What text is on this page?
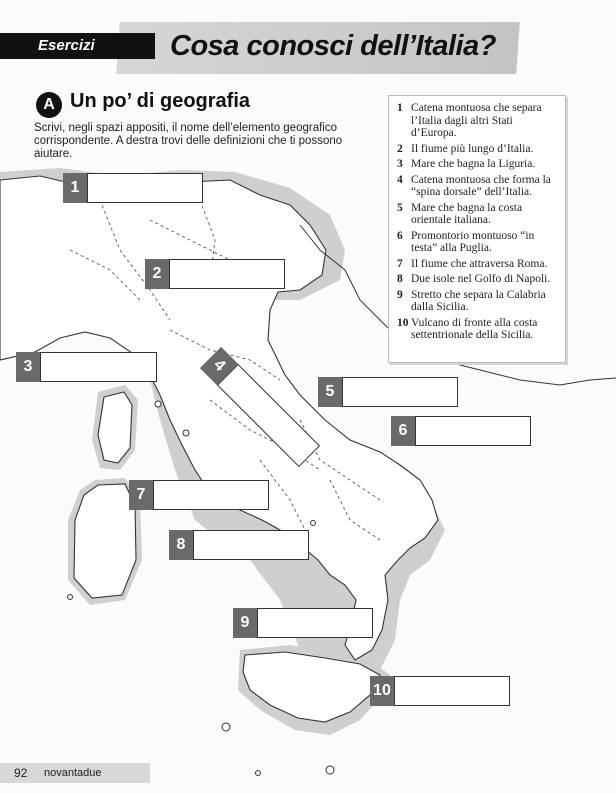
Esercizi	Cosa conosci dell’Italia?
A Un po’ di geografia
Scrivi, negli spazi appositi, il nome dell’elemento geografico corrispondente. A destra trovi delle definizioni che ti possono aiutare.
1 Catena montuosa che separa l’Italia dagli altri Stati d’Europa.
2 Il fiume più lungo d’Italia.
3 Mare che bagna la Liguria.
4 Catena montuosa che forma la “spina dorsale” dell’Italia.
5 Mare che bagna la costa orientale italiana.
6 Promontorio montuoso “in testa” alla Puglia.
7 Il fiume che attraversa Roma.
8 Due isole nel Golfo di Napoli.
9 Stretto che separa la Calabria dalla Sicilia.
10 Vulcano di fronte alla costa settentrionale della Sicilia.
1
2
3	4
5
6
7
8
9
10
92 novantadue
